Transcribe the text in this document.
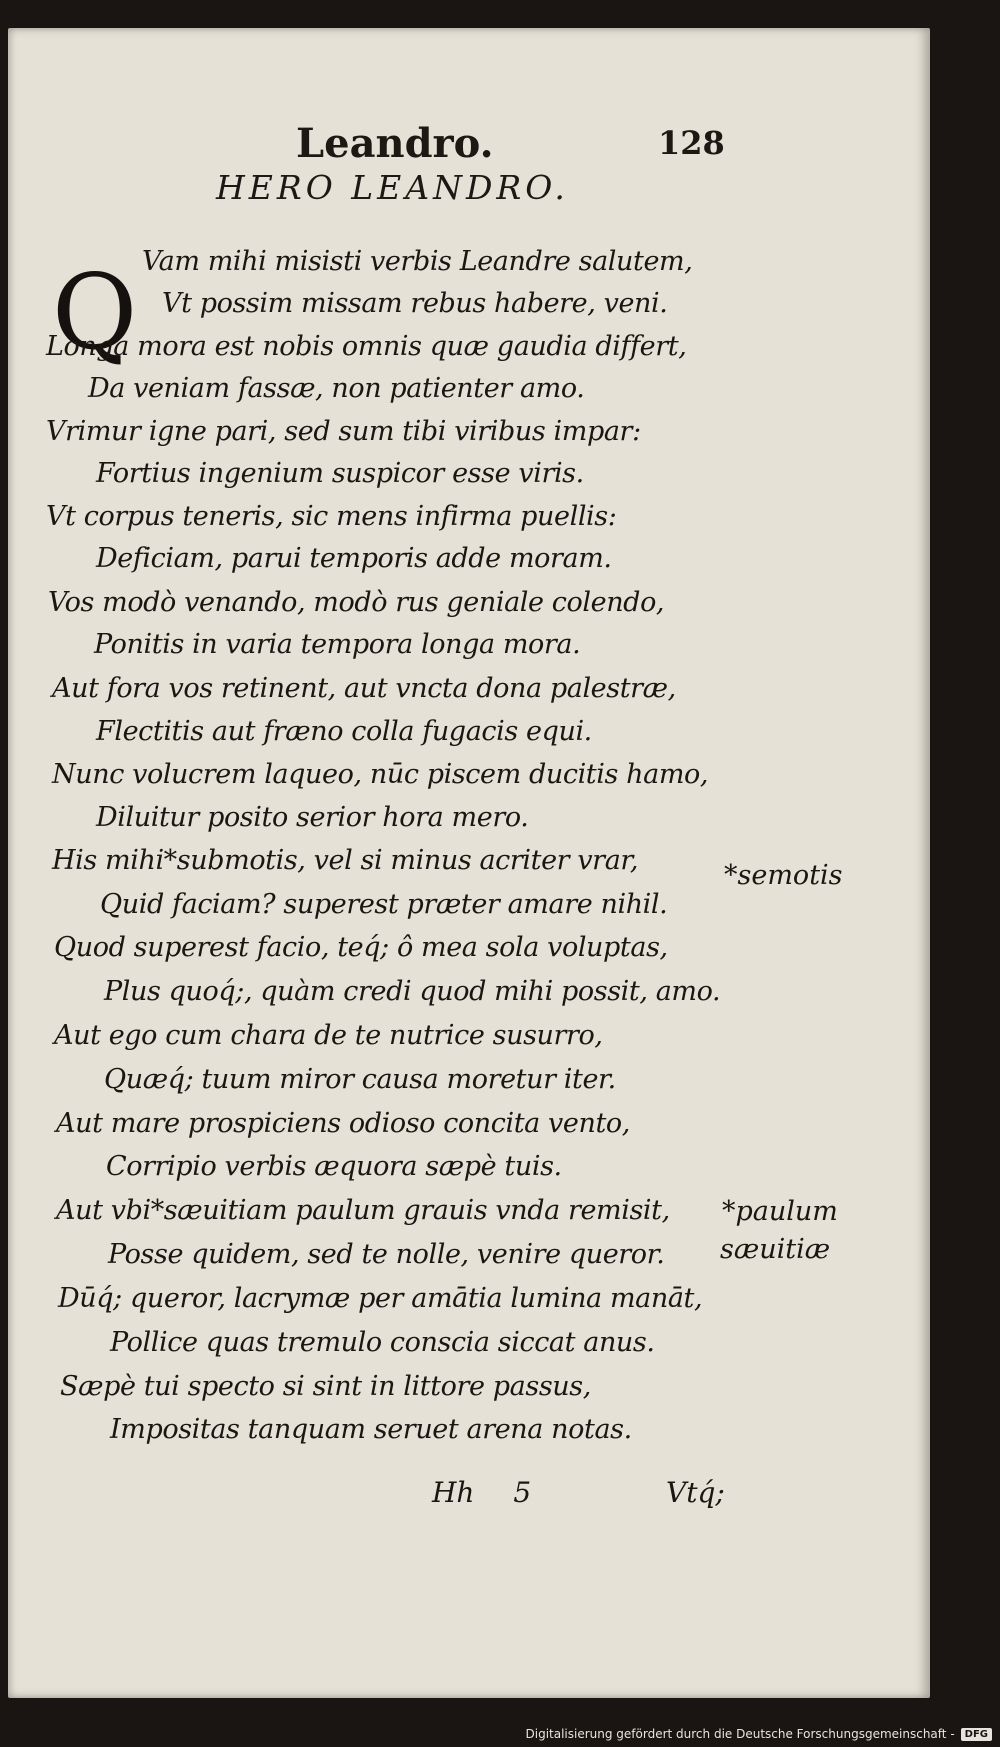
Leandro.	128
HERO LEANDRO.
Q Vam mihi misisti verbis Leandre salutem,
Vt possim missam rebus habere, veni.
Longa mora est nobis omnis quæ gaudia differt,
Da veniam fassæ, non patienter amo.
Vrimur igne pari, sed sum tibi viribus impar:
Fortius ingenium suspicor esse viris.
Vt corpus teneris, sic mens infirma puellis:
Deficiam, parui temporis adde moram.
Vos modò venando, modò rus geniale colendo,
Ponitis in varia tempora longa mora.
Aut fora vos retinent, aut vncta dona palestræ,
Flectitis aut fræno colla fugacis equi.
Nunc volucrem laqueo, nūc piscem ducitis hamo,
Diluitur posito serior hora mero.
His mihi*submotis, vel si minus acriter vrar,
Quid faciam? superest præter amare nihil.
Quod superest facio, teq́; ô mea sola voluptas,
Plus quoq́;, quàm credi quod mihi possit, amo.
Aut ego cum chara de te nutrice susurro,
Quæq́; tuum miror causa moretur iter.
Aut mare prospiciens odioso concita vento,
Corripio verbis æquora sæpè tuis.
Aut vbi*sæuitiam paulum grauis vnda remisit,
Posse quidem, sed te nolle, venire queror.
Dūq́; queror, lacrymæ per amātia lumina manāt,
Pollice quas tremulo conscia siccat anus.
Sæpè tui specto si sint in littore passus,
Impositas tanquam seruet arena notas.
*semotis
*paulum
sæuitiæ
Hh 5	Vtq́;
Digitalisierung gefördert durch die Deutsche Forschungsgemeinschaft -	DFG
